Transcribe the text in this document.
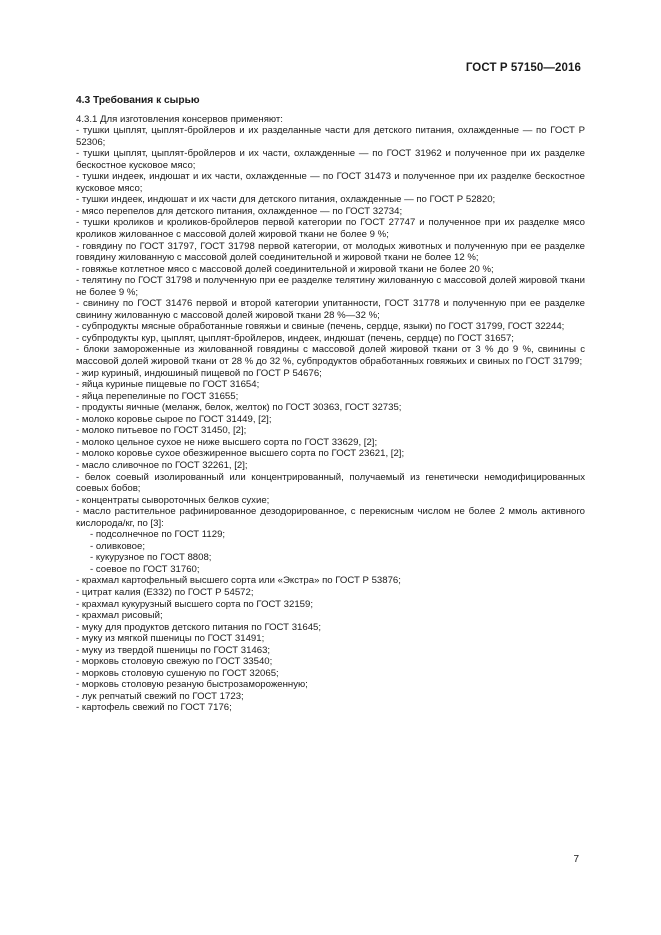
ГОСТ Р 57150—2016
4.3 Требования к сырью

4.3.1 Для изготовления консервов применяют:

- тушки цыплят, цыплят-бройлеров и их разделанные части для детского питания, охлажденные — по ГОСТ Р 52306;

- тушки цыплят, цыплят-бройлеров и их части, охлажденные — по ГОСТ 31962 и полученное при их разделке бескостное кусковое мясо;

- тушки индеек, индюшат и их части, охлажденные — по ГОСТ 31473 и полученное при их разделке бескостное кусковое мясо;

- тушки индеек, индюшат и их части для детского питания, охлажденные — по ГОСТ Р 52820;

- мясо перепелов для детского питания, охлажденное — по ГОСТ 32734;

- тушки кроликов и кроликов-бройлеров первой категории по ГОСТ 27747 и полученное при их разделке мясо кроликов жилованное с массовой долей жировой ткани не более 9 %;

- говядину по ГОСТ 31797, ГОСТ 31798 первой категории, от молодых животных и полученную при ее разделке говядину жилованную с массовой долей соединительной и жировой ткани не более 12 %;

- говяжье котлетное мясо с массовой долей соединительной и жировой ткани не более 20 %;

- телятину по ГОСТ 31798 и полученную при ее разделке телятину жилованную с массовой долей жировой ткани не более 9 %;

- свинину по ГОСТ 31476 первой и второй категории упитанности, ГОСТ 31778 и полученную при ее разделке свинину жилованную с массовой долей жировой ткани 28 %—32 %;

- субпродукты мясные обработанные говяжьи и свиные (печень, сердце, языки) по ГОСТ 31799, ГОСТ 32244;

- субпродукты кур, цыплят, цыплят-бройлеров, индеек, индюшат (печень, сердце) по ГОСТ 31657;

- блоки замороженные из жилованной говядины с массовой долей жировой ткани от 3 % до 9 %, свинины с массовой долей жировой ткани от 28 % до 32 %, субпродуктов обработанных говяжьих и свиных по ГОСТ 31799;

- жир куриный, индюшиный пищевой по ГОСТ Р 54676;

- яйца куриные пищевые по ГОСТ 31654;

- яйца перепелиные по ГОСТ 31655;

- продукты яичные (меланж, белок, желток) по ГОСТ 30363, ГОСТ 32735;

- молоко коровье сырое по ГОСТ 31449, [2];

- молоко питьевое по ГОСТ 31450, [2];

- молоко цельное сухое не ниже высшего сорта по ГОСТ 33629, [2];

- молоко коровье сухое обезжиренное высшего сорта по ГОСТ 23621, [2];

- масло сливочное по ГОСТ 32261, [2];

- белок соевый изолированный или концентрированный, получаемый из генетически немодифицированных соевых бобов;

- концентраты сывороточных белков сухие;

- масло растительное рафинированное дезодорированное, с перекисным числом не более 2 ммоль активного кислорода/кг, по [3]:

- подсолнечное по ГОСТ 1129;

- оливковое;

- кукурузное по ГОСТ 8808;

- соевое по ГОСТ 31760;

- крахмал картофельный высшего сорта или «Экстра» по ГОСТ Р 53876;

- цитрат калия (Е332) по ГОСТ Р 54572;

- крахмал кукурузный высшего сорта по ГОСТ 32159;

- крахмал рисовый;

- муку для продуктов детского питания по ГОСТ 31645;

- муку из мягкой пшеницы по ГОСТ 31491;

- муку из твердой пшеницы по ГОСТ 31463;

- морковь столовую свежую по ГОСТ 33540;

- морковь столовую сушеную по ГОСТ 32065;

- морковь столовую резаную быстрозамороженную;

- лук репчатый свежий по ГОСТ 1723;

- картофель свежий по ГОСТ 7176;

7
